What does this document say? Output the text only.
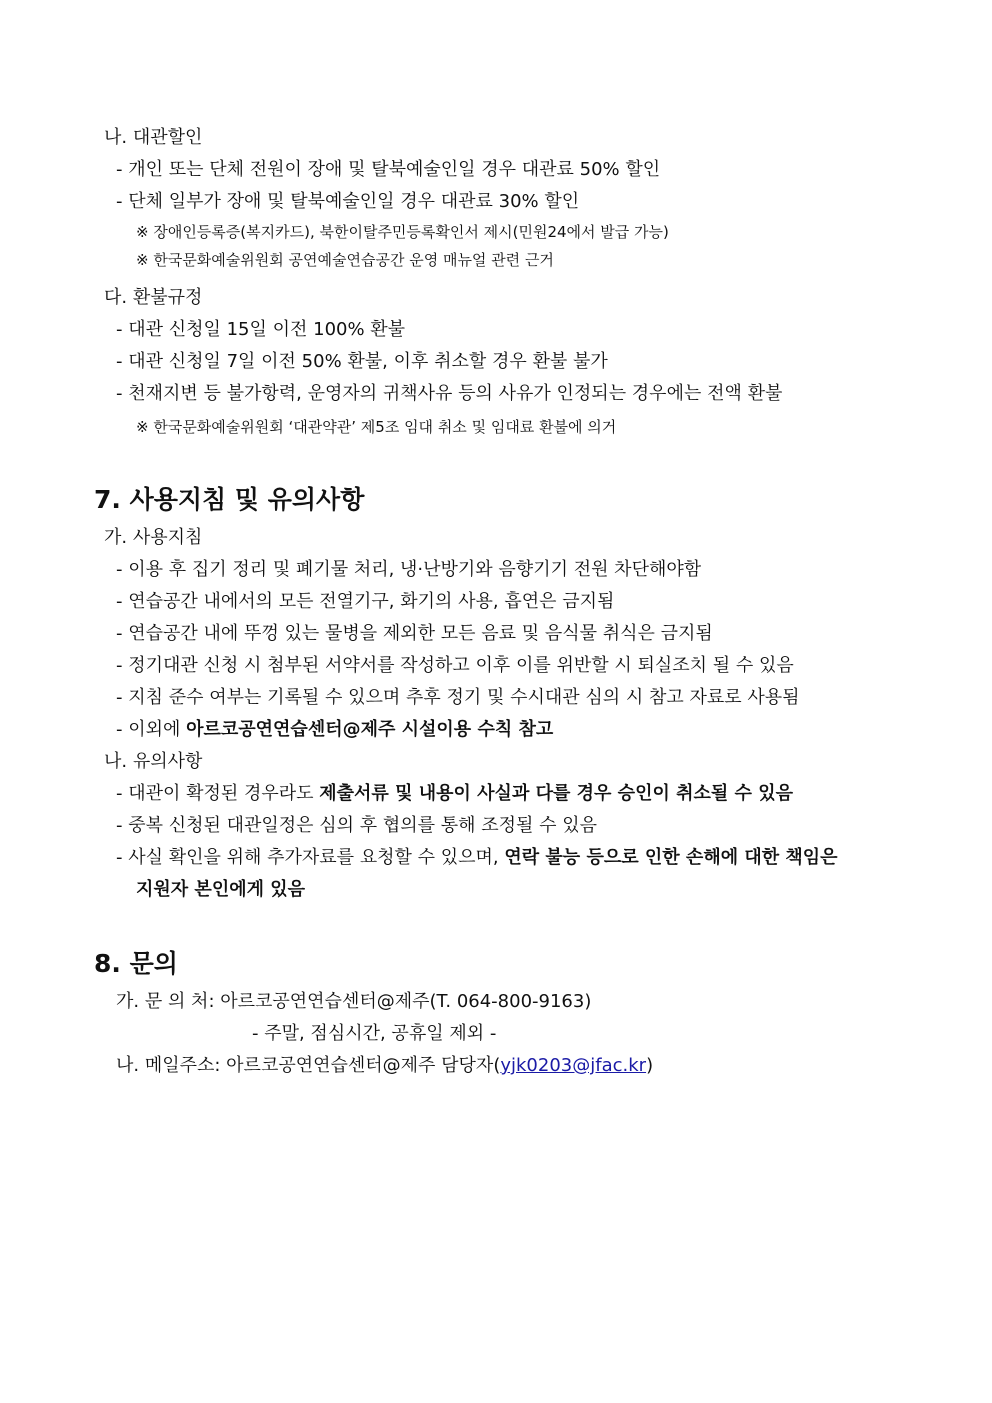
나. 대관할인
- 개인 또는 단체 전원이 장애 및 탈북예술인일 경우 대관료 50% 할인
- 단체 일부가 장애 및 탈북예술인일 경우 대관료 30% 할인
※ 장애인등록증(복지카드), 북한이탈주민등록확인서 제시(민원24에서 발급 가능)
※ 한국문화예술위원회 공연예술연습공간 운영 매뉴얼 관련 근거
다. 환불규정
- 대관 신청일 15일 이전 100% 환불
- 대관 신청일 7일 이전 50% 환불, 이후 취소할 경우 환불 불가
- 천재지변 등 불가항력, 운영자의 귀책사유 등의 사유가 인정되는 경우에는 전액 환불
※ 한국문화예술위원회 ‘대관약관’ 제5조 임대 취소 및 임대료 환불에 의거
7. 사용지침 및 유의사항
가. 사용지침
- 이용 후 집기 정리 및 폐기물 처리, 냉·난방기와 음향기기 전원 차단해야함
- 연습공간 내에서의 모든 전열기구, 화기의 사용, 흡연은 금지됨
- 연습공간 내에 뚜껑 있는 물병을 제외한 모든 음료 및 음식물 취식은 금지됨
- 정기대관 신청 시 첨부된 서약서를 작성하고 이후 이를 위반할 시 퇴실조치 될 수 있음
- 지침 준수 여부는 기록될 수 있으며 추후 정기 및 수시대관 심의 시 참고 자료로 사용됨
- 이외에 아르코공연연습센터@제주 시설이용 수칙 참고
나. 유의사항
- 대관이 확정된 경우라도 제출서류 및 내용이 사실과 다를 경우 승인이 취소될 수 있음
- 중복 신청된 대관일정은 심의 후 협의를 통해 조정될 수 있음
- 사실 확인을 위해 추가자료를 요청할 수 있으며, 연락 불능 등으로 인한 손해에 대한 책임은
지원자 본인에게 있음
8. 문의
가. 문 의 처: 아르코공연연습센터@제주(T. 064-800-9163)
- 주말, 점심시간, 공휴일 제외 -
나. 메일주소: 아르코공연연습센터@제주 담당자(yjk0203@jfac.kr)
